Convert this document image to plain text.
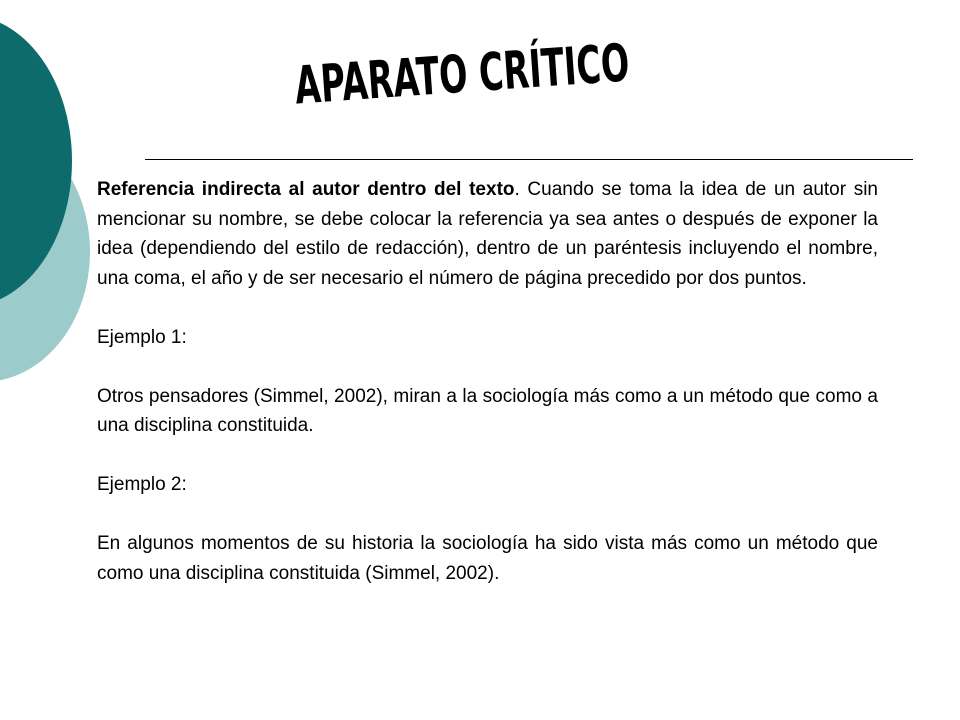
APARATO CRÍTICO

Referencia indirecta al autor dentro del texto. Cuando se toma la idea de un autor sin mencionar su nombre, se debe colocar la referencia ya sea antes o después de exponer la idea (dependiendo del estilo de redacción), dentro de un paréntesis incluyendo el nombre, una coma, el año y de ser necesario el número de página precedido por dos puntos.

Ejemplo 1:

Otros pensadores (Simmel, 2002), miran a la sociología más como a un método que como a una disciplina constituida.

Ejemplo 2:

En algunos momentos de su historia la sociología ha sido vista más como un método que como una disciplina constituida (Simmel, 2002).
